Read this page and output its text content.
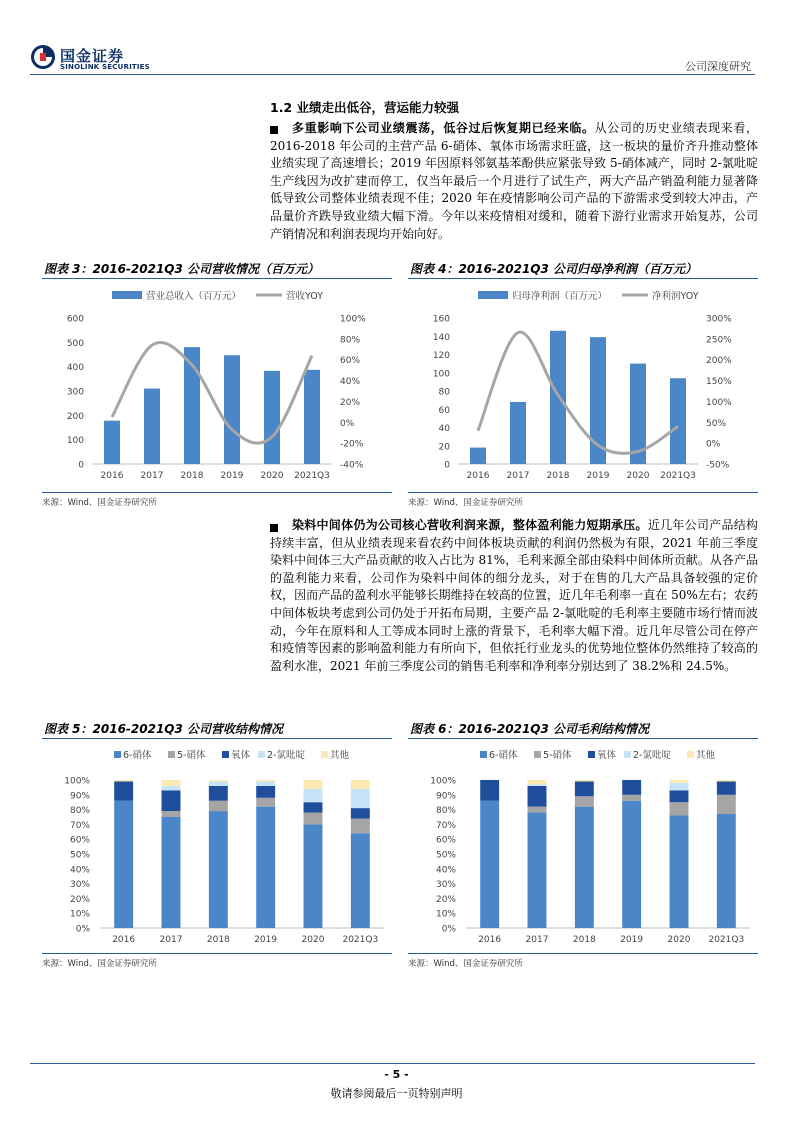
国金证券
SINOLINK SECURITIES	公司深度研究
1.2 业绩走出低谷，营运能力较强
多重影响下公司业绩震荡，低谷过后恢复期已经来临。从公司的历史业绩表现来看，2016-2018 年公司的主营产品 6-硝体、氧体市场需求旺盛，这一板块的量价齐升推动整体业绩实现了高速增长；2019 年因原料邻氨基苯酚供应紧张导致 5-硝体减产，同时 2-氯吡啶生产线因为改扩建而停工，仅当年最后一个月进行了试生产，两大产品产销盈利能力显著降低导致公司整体业绩表现不佳；2020 年在疫情影响公司产品的下游需求受到较大冲击，产品量价齐跌导致业绩大幅下滑。今年以来疫情相对缓和，随着下游行业需求开始复苏，公司产销情况和利润表现均开始向好。
图表 3：2016-2021Q3 公司营收情况（百万元）
营业总收入（百万元）	营收YOY
0
100
200
300
400
500
600
-40%
-20%
0%
20%
40%
60%
80%
100%
2016 2017 2018 2019 2020 2021Q3
来源：Wind、国金证券研究所
图表 4：2016-2021Q3 公司归母净利润（百万元）
归母净利润（百万元）	净利润YOY
0
20
40
60
80
100
120
140
160
-50%
0%
50%
100%
150%
200%
250%
300%
2016 2017 2018 2019 2020 2021Q3
来源：Wind、国金证券研究所
染料中间体仍为公司核心营收利润来源，整体盈利能力短期承压。近几年公司产品结构持续丰富，但从业绩表现来看农药中间体板块贡献的利润仍然极为有限，2021 年前三季度染料中间体三大产品贡献的收入占比为 81%，毛利来源全部由染料中间体所贡献。从各产品的盈利能力来看，公司作为染料中间体的细分龙头，对于在售的几大产品具备较强的定价权，因而产品的盈利水平能够长期维持在较高的位置，近几年毛利率一直在 50%左右；农药中间体板块考虑到公司仍处于开拓布局期，主要产品 2-氯吡啶的毛利率主要随市场行情而波动，今年在原料和人工等成本同时上涨的背景下，毛利率大幅下滑。近几年尽管公司在停产和疫情等因素的影响盈利能力有所向下，但依托行业龙头的优势地位整体仍然维持了较高的盈利水准，2021 年前三季度公司的销售毛利率和净利率分别达到了 38.2%和 24.5%。
图表 5：2016-2021Q3 公司营收结构情况
6-硝体	5-硝体	氧体 2-氯吡啶	其他
0%
10%
20%
30%
40%
50%
60%
70%
80%
90%
100%
2016	2017	2018	2019	2020 2021Q3
来源：Wind、国金证券研究所
图表 6：2016-2021Q3 公司毛利结构情况
6-硝体	5-硝体	氧体 2-氯吡啶	其他
0%
10%
20%
30%
40%
50%
60%
70%
80%
90%
100%
2016	2017	2018	2019	2020 2021Q3
来源：Wind、国金证券研究所
- 5 -
敬请参阅最后一页特别声明
